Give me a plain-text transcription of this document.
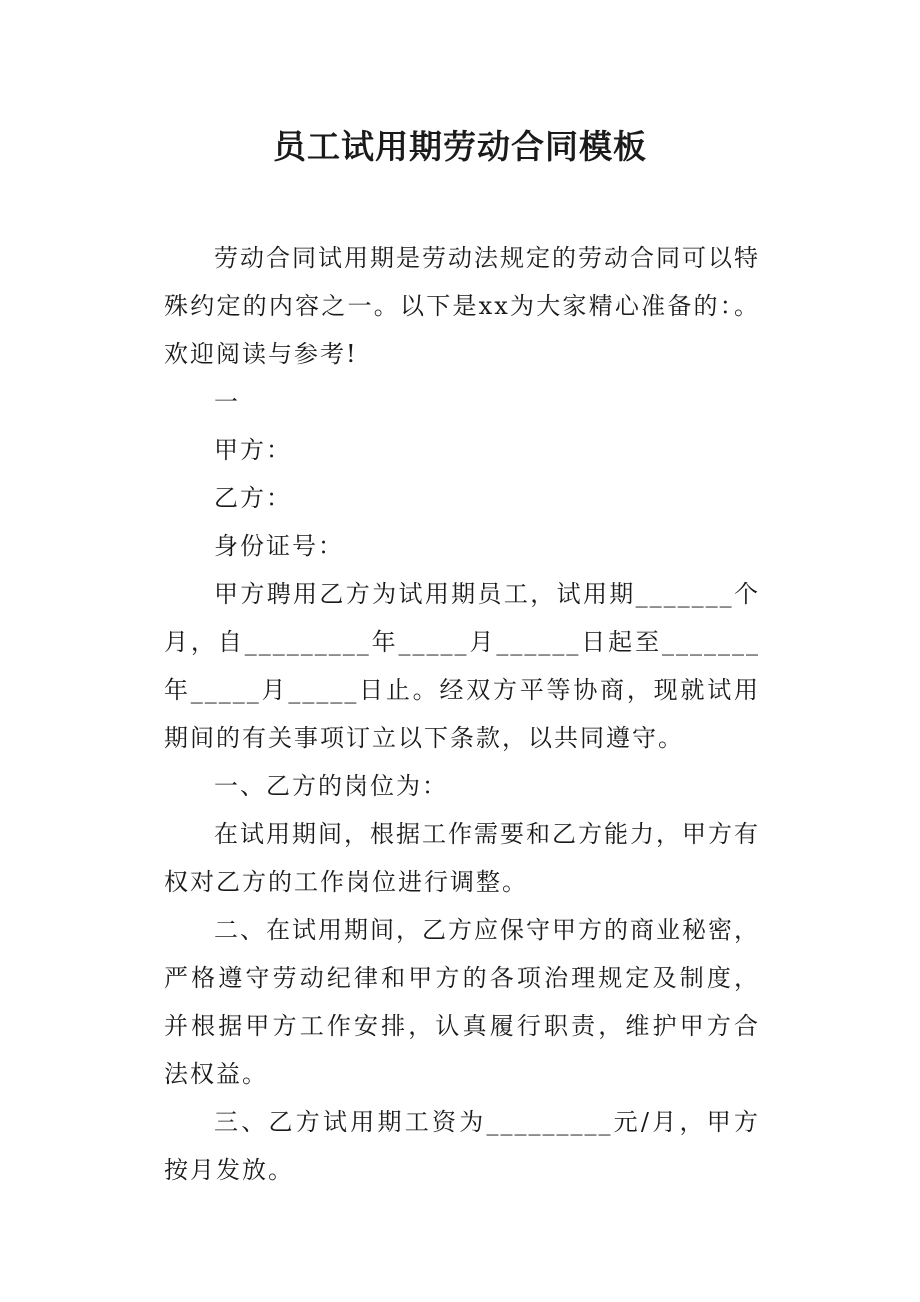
员工试用期劳动合同模板

劳动合同试用期是劳动法规定的劳动合同可以特殊约定的内容之一。以下是xx为大家精心准备的：。欢迎阅读与参考!

一

甲方：

乙方：

身份证号：

甲方聘用乙方为试用期员工，试用期_______个月，自_________年_____月______日起至_______年_____月_____日止。经双方平等协商，现就试用期间的有关事项订立以下条款，以共同遵守。

一、乙方的岗位为：

在试用期间，根据工作需要和乙方能力，甲方有权对乙方的工作岗位进行调整。

二、在试用期间，乙方应保守甲方的商业秘密，严格遵守劳动纪律和甲方的各项治理规定及制度，并根据甲方工作安排，认真履行职责，维护甲方合法权益。

三、乙方试用期工资为_________元/月，甲方按月发放。
